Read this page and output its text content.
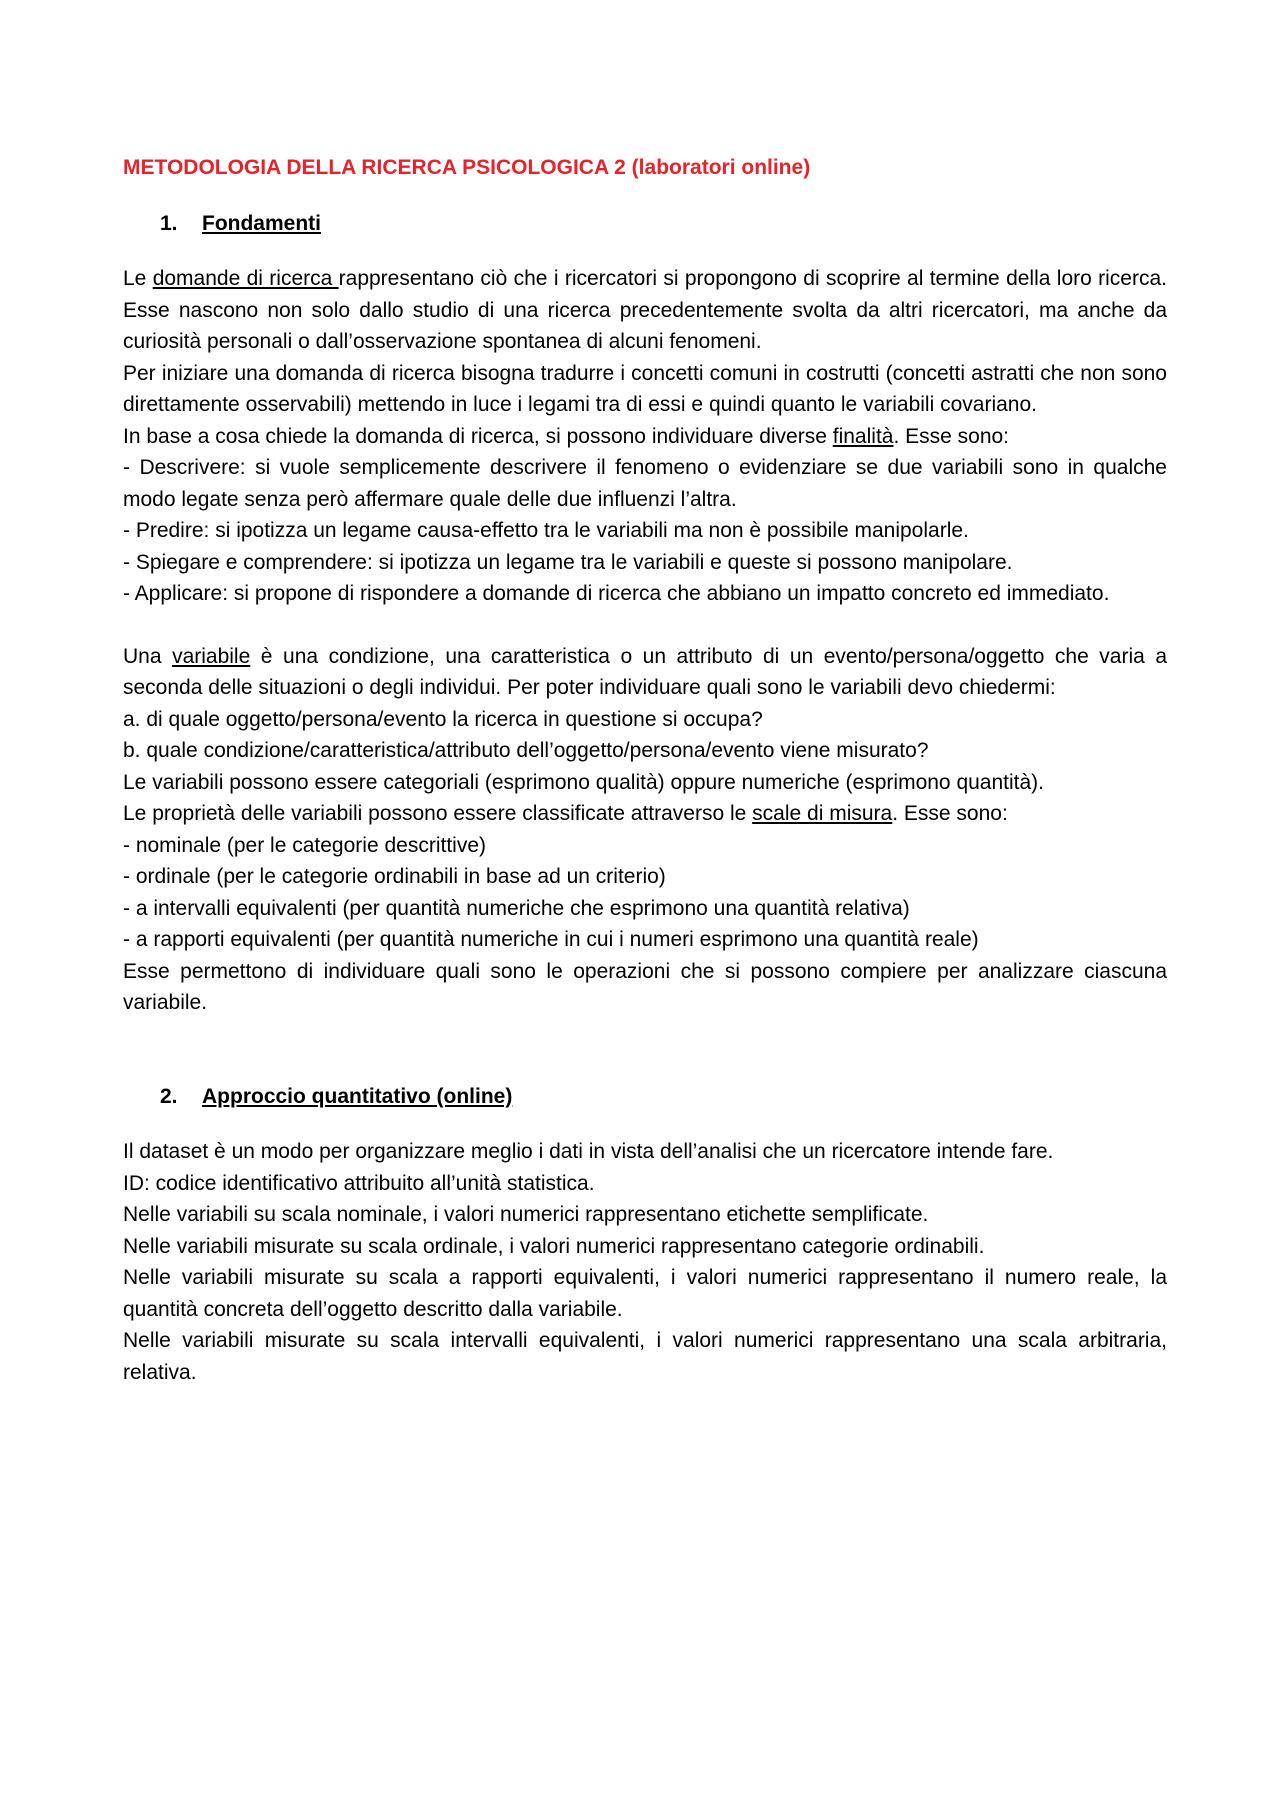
METODOLOGIA DELLA RICERCA PSICOLOGICA 2 (laboratori online)
1.	Fondamenti

Le domande di ricerca rappresentano ciò che i ricercatori si propongono di scoprire al termine della loro ricerca. Esse nascono non solo dallo studio di una ricerca precedentemente svolta da altri ricercatori, ma anche da curiosità personali o dall’osservazione spontanea di alcuni fenomeni.

Per iniziare una domanda di ricerca bisogna tradurre i concetti comuni in costrutti (concetti astratti che non sono direttamente osservabili) mettendo in luce i legami tra di essi e quindi quanto le variabili covariano.

In base a cosa chiede la domanda di ricerca, si possono individuare diverse finalità. Esse sono:

- Descrivere: si vuole semplicemente descrivere il fenomeno o evidenziare se due variabili sono in qualche modo legate senza però affermare quale delle due influenzi l’altra.

- Predire: si ipotizza un legame causa-effetto tra le variabili ma non è possibile manipolarle.

- Spiegare e comprendere: si ipotizza un legame tra le variabili e queste si possono manipolare.

- Applicare: si propone di rispondere a domande di ricerca che abbiano un impatto concreto ed immediato.

Una variabile è una condizione, una caratteristica o un attributo di un evento/persona/oggetto che varia a seconda delle situazioni o degli individui. Per poter individuare quali sono le variabili devo chiedermi:

a. di quale oggetto/persona/evento la ricerca in questione si occupa?

b. quale condizione/caratteristica/attributo dell’oggetto/persona/evento viene misurato?

Le variabili possono essere categoriali (esprimono qualità) oppure numeriche (esprimono quantità).

Le proprietà delle variabili possono essere classificate attraverso le scale di misura. Esse sono:

- nominale (per le categorie descrittive)

- ordinale (per le categorie ordinabili in base ad un criterio)

- a intervalli equivalenti (per quantità numeriche che esprimono una quantità relativa)

- a rapporti equivalenti (per quantità numeriche in cui i numeri esprimono una quantità reale)

Esse permettono di individuare quali sono le operazioni che si possono compiere per analizzare ciascuna variabile.

2.	Approccio quantitativo (online)

Il dataset è un modo per organizzare meglio i dati in vista dell’analisi che un ricercatore intende fare.

ID: codice identificativo attribuito all’unità statistica.

Nelle variabili su scala nominale, i valori numerici rappresentano etichette semplificate.

Nelle variabili misurate su scala ordinale, i valori numerici rappresentano categorie ordinabili.

Nelle variabili misurate su scala a rapporti equivalenti, i valori numerici rappresentano il numero reale, la quantità concreta dell’oggetto descritto dalla variabile.

Nelle variabili misurate su scala intervalli equivalenti, i valori numerici rappresentano una scala arbitraria, relativa.
